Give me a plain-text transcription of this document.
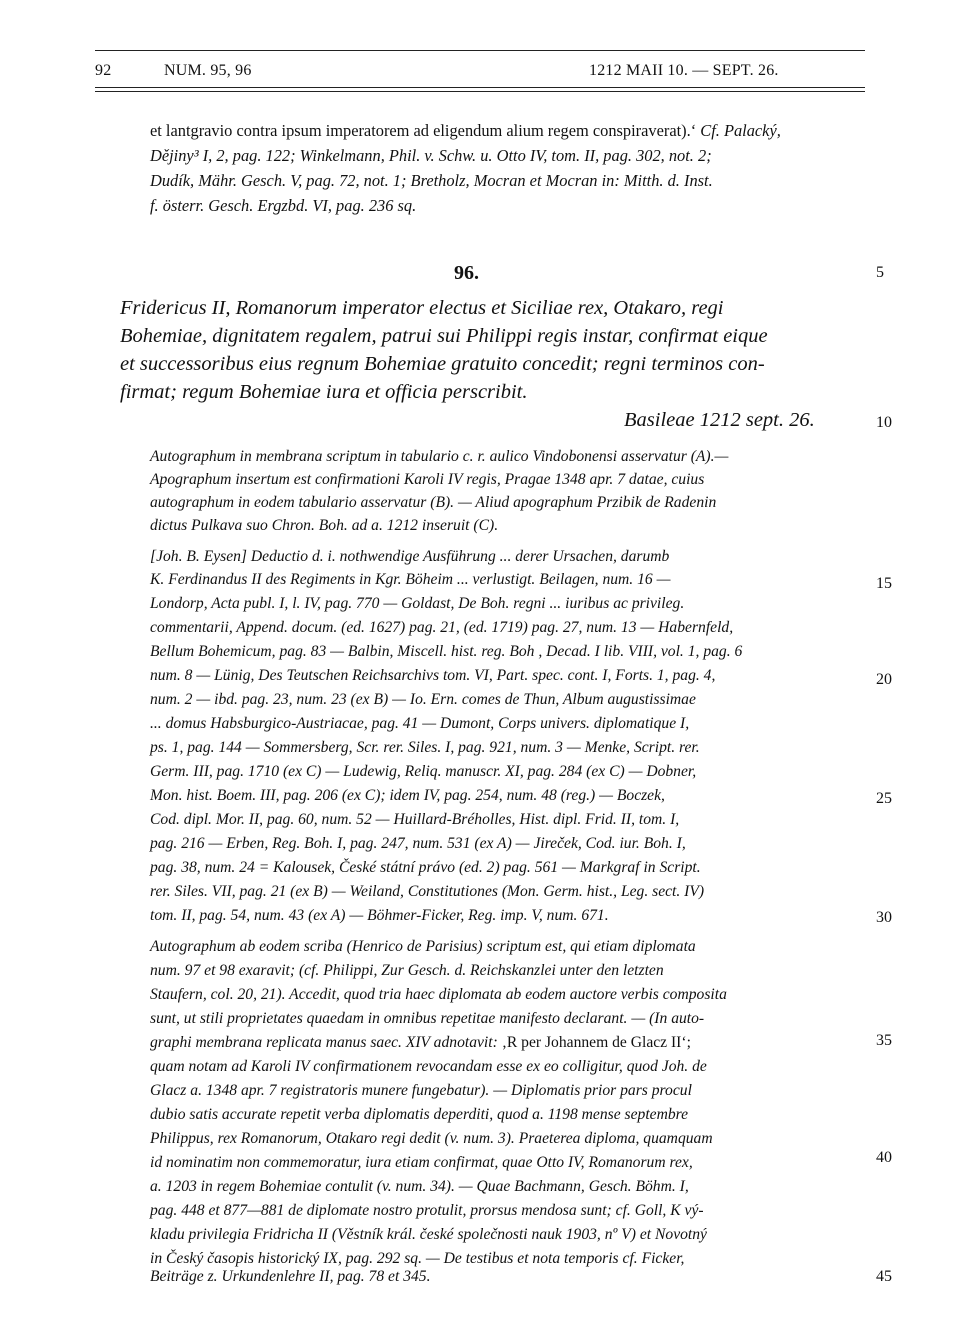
92	NUM. 95, 96	1212 MAII 10. — SEPT. 26.
et lantgravio contra ipsum imperatorem ad eligendum alium regem conspiraverat).‘ Cf. Palacký,
Dějiny³ I, 2, pag. 122; Winkelmann, Phil. v. Schw. u. Otto IV, tom. II, pag. 302, not. 2;
Dudík, Mähr. Gesch. V, pag. 72, not. 1; Bretholz, Mocran et Mocran in: Mitth. d. Inst.
f. österr. Gesch. Ergzbd. VI, pag. 236 sq.
96.
Fridericus II, Romanorum imperator electus et Siciliae rex, Otakaro, regi
Bohemiae, dignitatem regalem, patrui sui Philippi regis instar, confirmat eique
et successoribus eius regnum Bohemiae gratuito concedit; regni terminos con-
firmat; regum Bohemiae iura et officia perscribit.
Basileae 1212 sept. 26.
Autographum in membrana scriptum in tabulario c. r. aulico Vindobonensi asservatur (A).—
Apographum insertum est confirmationi Karoli IV regis, Pragae 1348 apr. 7 datae, cuius
autographum in eodem tabulario asservatur (B). — Aliud apographum Przibik de Radenin
dictus Pulkava suo Chron. Boh. ad a. 1212 inseruit (C).
[Joh. B. Eysen] Deductio d. i. nothwendige Ausführung ... derer Ursachen, darumb
K. Ferdinandus II des Regiments in Kgr. Böheim ... verlustigt. Beilagen, num. 16 —
Londorp, Acta publ. I, l. IV, pag. 770 — Goldast, De Boh. regni ... iuribus ac privileg.
commentarii, Append. docum. (ed. 1627) pag. 21, (ed. 1719) pag. 27, num. 13 — Habernfeld,
Bellum Bohemicum, pag. 83 — Balbin, Miscell. hist. reg. Boh , Decad. I lib. VIII, vol. 1, pag. 6
num. 8 — Lünig, Des Teutschen Reichsarchivs tom. VI, Part. spec. cont. I, Forts. 1, pag. 4,
num. 2 — ibd. pag. 23, num. 23 (ex B) — Io. Ern. comes de Thun, Album augustissimae
... domus Habsburgico-Austriacae, pag. 41 — Dumont, Corps univers. diplomatique I,
ps. 1, pag. 144 — Sommersberg, Scr. rer. Siles. I, pag. 921, num. 3 — Menke, Script. rer.
Germ. III, pag. 1710 (ex C) — Ludewig, Reliq. manuscr. XI, pag. 284 (ex C) — Dobner,
Mon. hist. Boem. III, pag. 206 (ex C); idem IV, pag. 254, num. 48 (reg.) — Boczek,
Cod. dipl. Mor. II, pag. 60, num. 52 — Huillard-Bréholles, Hist. dipl. Frid. II, tom. I,
pag. 216 — Erben, Reg. Boh. I, pag. 247, num. 531 (ex A) — Jireček, Cod. iur. Boh. I,
pag. 38, num. 24 = Kalousek, České státní právo (ed. 2) pag. 561 — Markgraf in Script.
rer. Siles. VII, pag. 21 (ex B) — Weiland, Constitutiones (Mon. Germ. hist., Leg. sect. IV)
tom. II, pag. 54, num. 43 (ex A) — Böhmer-Ficker, Reg. imp. V, num. 671.
Autographum ab eodem scriba (Henrico de Parisius) scriptum est, qui etiam diplomata
num. 97 et 98 exaravit; (cf. Philippi, Zur Gesch. d. Reichskanzlei unter den letzten
Staufern, col. 20, 21). Accedit, quod tria haec diplomata ab eodem auctore verbis composita
sunt, ut stili proprietates quaedam in omnibus repetitae manifesto declarant. — (In auto-
graphi membrana replicata manus saec. XIV adnotavit: ‚R per Johannem de Glacz II‘;
quam notam ad Karoli IV confirmationem revocandam esse ex eo colligitur, quod Joh. de
Glacz a. 1348 apr. 7 registratoris munere fungebatur). — Diplomatis prior pars procul
dubio satis accurate repetit verba diplomatis deperditi, quod a. 1198 mense septembre
Philippus, rex Romanorum, Otakaro regi dedit (v. num. 3). Praeterea diploma, quamquam
id nominatim non commemoratur, iura etiam confirmat, quae Otto IV, Romanorum rex,
a. 1203 in regem Bohemiae contulit (v. num. 34). — Quae Bachmann, Gesch. Böhm. I,
pag. 448 et 877—881 de diplomate nostro protulit, prorsus mendosa sunt; cf. Goll, K vý-
kladu privilegia Fridricha II (Věstník král. české společnosti nauk 1903, nº V) et Novotný
in Český časopis historický IX, pag. 292 sq. — De testibus et nota temporis cf. Ficker,
Beiträge z. Urkundenlehre II, pag. 78 et 345.
5
10
15
20
25
30
35
40
45
